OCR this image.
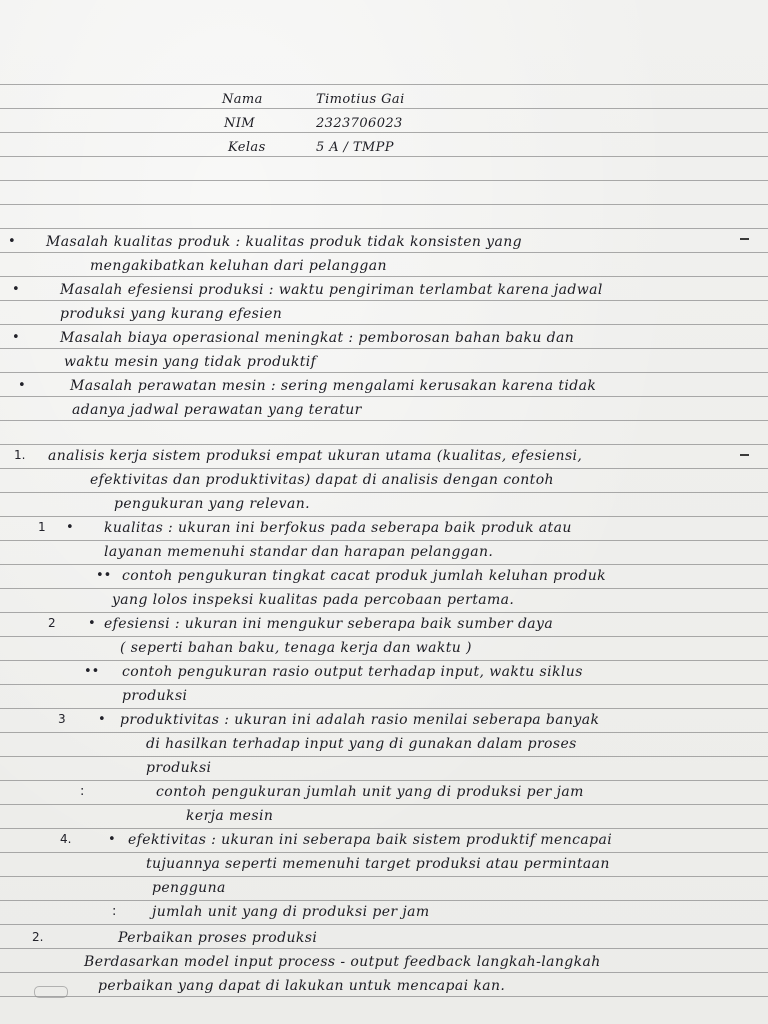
Nama	Timotius Gai
NIM	2323706023
Kelas	5 A / TMPP
• Masalah kualitas produk : kualitas produk tidak konsisten yang
mengakibatkan keluhan dari pelanggan
•	Masalah efesiensi produksi : waktu pengiriman terlambat karena jadwal
produksi yang kurang efesien
•	Masalah biaya operasional meningkat : pemborosan bahan baku dan
waktu mesin yang tidak produktif
•	Masalah perawatan mesin : sering mengalami kerusakan karena tidak
adanya jadwal perawatan yang teratur
1. analisis kerja sistem produksi empat ukuran utama (kualitas, efesiensi,
efektivitas dan produktivitas) dapat di analisis dengan contoh
pengukuran yang relevan.
1 • kualitas : ukuran ini berfokus pada seberapa baik produk atau
layanan memenuhi standar dan harapan pelanggan.
•• contoh pengukuran tingkat cacat produk jumlah keluhan produk
yang lolos inspeksi kualitas pada percobaan pertama.
2 • efesiensi : ukuran ini mengukur seberapa baik sumber daya
( seperti bahan baku, tenaga kerja dan waktu )
•• contoh pengukuran rasio output terhadap input, waktu siklus
produksi
3 • produktivitas : ukuran ini adalah rasio menilai seberapa banyak
di hasilkan terhadap input yang di gunakan dalam proses
produksi
:	contoh pengukuran jumlah unit yang di produksi per jam
kerja mesin
4.	• efektivitas : ukuran ini seberapa baik sistem produktif mencapai
tujuannya seperti memenuhi target produksi atau permintaan
pengguna
:	jumlah unit yang di produksi per jam
2.	Perbaikan proses produksi
Berdasarkan model input process - output feedback langkah-langkah
perbaikan yang dapat di lakukan untuk mencapai kan.
